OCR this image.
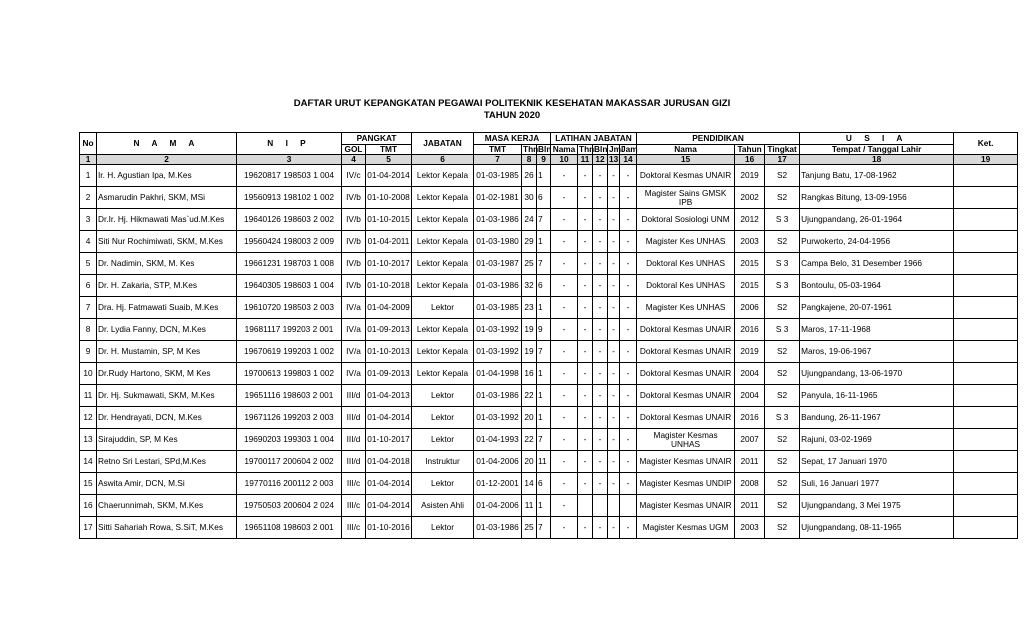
DAFTAR URUT KEPANGKATAN PEGAWAI POLITEKNIK KESEHATAN MAKASSAR JURUSAN GIZI
TAHUN 2020
No	N A M A	N I P	PANGKAT		JABATAN	MASA KERJA			LATIHAN JABATAN					PENDIDIKAN			U S I A	Ket.
			GOL	TMT		TMT	Thn	Bln	Nama	Thn	Bln	Jml	Jam	Nama	Tahun	Tingkat	Tempat / Tanggal Lahir	
1	2	3	4	5	6	7	8	9	10	11	12	13	14	15	16	17	18	19
1	Ir. H. Agustian Ipa, M.Kes	19620817 198503 1 004	IV/c	01-04-2014	Lektor Kepala	01-03-1985	26	1	-	-	-	-	-	Doktoral Kesmas UNAIR	2019	S2	Tanjung Batu, 17-08-1962	
2	Asmarudin Pakhri, SKM, MSi	19560913 198102 1 002	IV/b	01-10-2008	Lektor Kepala	01-02-1981	30	6	-	-	-	-	-	Magister Sains GMSK IPB	2002	S2	Rangkas Bitung, 13-09-1956	
3	Dr.Ir. Hj. Hikmawati Mas`ud.M.Kes	19640126 198603 2 002	IV/b	01-10-2015	Lektor Kepala	01-03-1986	24	7	-	-	-	-	-	Doktoral Sosiologi UNM	2012	S 3	Ujungpandang, 26-01-1964	
4	Siti Nur Rochimiwati, SKM, M.Kes	19560424 198003 2 009	IV/b	01-04-2011	Lektor Kepala	01-03-1980	29	1	-	-	-	-	-	Magister Kes UNHAS	2003	S2	Purwokerto, 24-04-1956	
5	Dr. Nadimin, SKM, M. Kes	19661231 198703 1 008	IV/b	01-10-2017	Lektor Kepala	01-03-1987	25	7	-	-	-	-	-	Doktoral Kes UNHAS	2015	S 3	Campa Belo, 31 Desember 1966	
6	Dr. H. Zakaria, STP, M.Kes	19640305 198603 1 004	IV/b	01-10-2018	Lektor Kepala	01-03-1986	32	6	-	-	-	-	-	Doktoral Kes UNHAS	2015	S 3	Bontoulu, 05-03-1964	
7	Dra. Hj. Fatmawati Suaib, M.Kes	19610720 198503 2 003	IV/a	01-04-2009	Lektor	01-03-1985	23	1	-	-	-	-	-	Magister Kes UNHAS	2006	S2	Pangkajene, 20-07-1961	
8	Dr. Lydia Fanny, DCN, M.Kes	19681117 199203 2 001	IV/a	01-09-2013	Lektor Kepala	01-03-1992	19	9	-	-	-	-	-	Doktoral Kesmas UNAIR	2016	S 3	Maros, 17-11-1968	
9	Dr. H. Mustamin, SP, M Kes	19670619 199203 1 002	IV/a	01-10-2013	Lektor Kepala	01-03-1992	19	7	-	-	-	-	-	Doktoral Kesmas UNAIR	2019	S2	Maros, 19-06-1967	
10	Dr.Rudy Hartono, SKM, M Kes	19700613 199803 1 002	IV/a	01-09-2013	Lektor Kepala	01-04-1998	16	1	-	-	-	-	-	Doktoral Kesmas UNAIR	2004	S2	Ujungpandang, 13-06-1970	
11	Dr. Hj. Sukmawati, SKM, M.Kes	19651116 198603 2 001	III/d	01-04-2013	Lektor	01-03-1986	22	1	-	-	-	-	-	Doktoral Kesmas UNAIR	2004	S2	Panyula, 16-11-1965	
12	Dr. Hendrayati, DCN, M.Kes	19671126 199203 2 003	III/d	01-04-2014	Lektor	01-03-1992	20	1	-	-	-	-	-	Doktoral Kesmas UNAIR	2016	S 3	Bandung, 26-11-1967	
13	Sirajuddin, SP, M Kes	19690203 199303 1 004	III/d	01-10-2017	Lektor	01-04-1993	22	7	-	-	-	-	-	Magister Kesmas UNHAS	2007	S2	Rajuni, 03-02-1969	
14	Retno Sri Lestari, SPd,M.Kes	19700117 200604 2 002	III/d	01-04-2018	Instruktur	01-04-2006	20	11	-	-	-	-	-	Magister Kesmas UNAIR	2011	S2	Sepat, 17 Januari 1970	
15	Aswita Amir, DCN, M.Si	19770116 200112 2 003	III/c	01-04-2014	Lektor	01-12-2001	14	6	-	-	-	-	-	Magister Kesmas UNDIP	2008	S2	Suli, 16 Januari 1977	
16	Chaerunnimah, SKM, M.Kes	19750503 200604 2 024	III/c	01-04-2014	Asisten Ahli	01-04-2006	11	1	-					Magister Kesmas UNAIR	2011	S2	Ujungpandang, 3 Mei 1975	
17	Sitti Sahariah Rowa, S.SiT, M.Kes	19651108 198603 2 001	III/c	01-10-2016	Lektor	01-03-1986	25	7	-	-	-	-	-	Magister Kesmas UGM	2003	S2	Ujungpandang, 08-11-1965	
